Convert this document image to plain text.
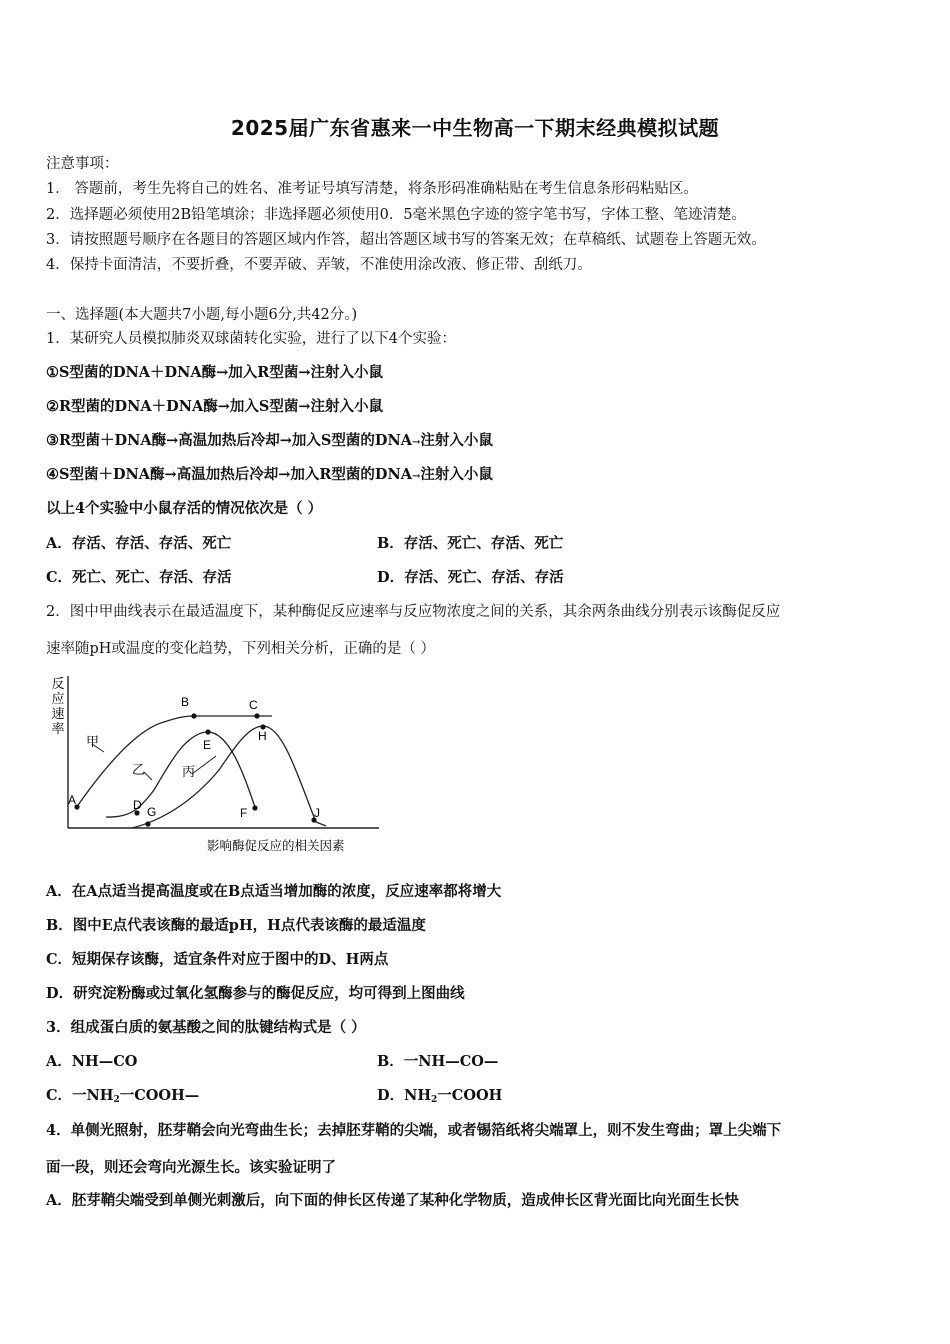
2025届广东省惠来一中生物高一下期末经典模拟试题
注意事项：
1． 答题前，考生先将自己的姓名、准考证号填写清楚，将条形码准确粘贴在考生信息条形码粘贴区。
2．选择题必须使用2B铅笔填涂；非选择题必须使用0．5毫米黑色字迹的签字笔书写，字体工整、笔迹清楚。
3．请按照题号顺序在各题目的答题区域内作答，超出答题区域书写的答案无效；在草稿纸、试题卷上答题无效。
4．保持卡面清洁，不要折叠，不要弄破、弄皱，不准使用涂改液、修正带、刮纸刀。
一、选择题(本大题共7小题,每小题6分,共42分。)
1．某研究人员模拟肺炎双球菌转化实验，进行了以下4个实验：
①S型菌的DNA＋DNA酶→加入R型菌→注射入小鼠
②R型菌的DNA＋DNA酶→加入S型菌→注射入小鼠
③R型菌＋DNA酶→高温加热后冷却→加入S型菌的DNA→注射入小鼠
④S型菌＋DNA酶→高温加热后冷却→加入R型菌的DNA→注射入小鼠
以上4个实验中小鼠存活的情况依次是（ ）
A．存活、存活、存活、死亡	B．存活、死亡、存活、死亡
C．死亡、死亡、存活、存活	D．存活、死亡、存活、存活
2．图中甲曲线表示在最适温度下，某种酶促反应速率与反应物浓度之间的关系，其余两条曲线分别表示该酶促反应
速率随pH或温度的变化趋势，下列相关分析，正确的是（ ）
反
应
速
率
影响酶促反应的相关因素
甲
乙	丙
A
B	C
D
E
F
G
H
J
A．在A点适当提高温度或在B点适当增加酶的浓度，反应速率都将增大
B．图中E点代表该酶的最适pH，H点代表该酶的最适温度
C．短期保存该酶，适宜条件对应于图中的D、H两点
D．研究淀粉酶或过氧化氢酶参与的酶促反应，均可得到上图曲线
3．组成蛋白质的氨基酸之间的肽键结构式是（ ）
A．NH—CO	B．一NH—CO—
C．一$NH_2$一COOH—	D．$NH_2$一COOH
4．单侧光照射，胚芽鞘会向光弯曲生长；去掉胚芽鞘的尖端，或者锡箔纸将尖端罩上，则不发生弯曲；罩上尖端下
面一段，则还会弯向光源生长。该实验证明了
A．胚芽鞘尖端受到单侧光刺激后，向下面的伸长区传递了某种化学物质，造成伸长区背光面比向光面生长快
